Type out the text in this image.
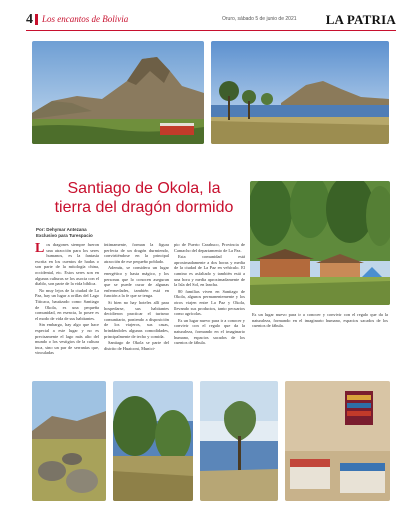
4 Los encantos de Bolivia	Oruro, sábado 5 de junio de 2021 LA PATRIA
Santiago de Okola, la
tierra del dragón dormido
Por: Dehymar Antezana
Exclusivo para Turespacio

Los dragones siempre fueron una atracción para los seres humanos, es la fantasía escrita en los cuentos de hadas o son parte de la mitología china, occidental, etc. Estos seres son en algunas culturas se los asocia con el diablo, son parte de la vida bíblica.

No muy lejos de la ciudad de La Paz, hay un lugar a orillas del Lago Titicaca, bautizado como Santiago de Okola, es una pequeña comunidad, en esencia, lo posee es el modo de vida de sus habitantes.

Sin embargo, hay algo que hace especial a este lugar y no es precisamente el lago más alto del mundo o los vestigios de la cultura inca, sino un par de serranías que, vinculadas

íntimamente, forman la figura perfecta de un dragón durmiendo, convirtiéndose en la principal atracción de ese pequeño poblado.

Además, se considera un lugar energético y hasta mágico, y los personas que lo conocen aseguran que se puede curar de algunas enfermedades, también está en función a la fe que se tenga.

Si bien no hay hoteles allí para hospedarse, sus habitantes decidieron practicar el turismo comunitario, poniendo a disposición de los viajeros, sus casas, brindándoles algunas comodidades, principalmente de techo y comida.

Santiago de Okola se parte del distrito de Huaiconi, Munici-

pio de Puerto Carabuco, Provincia de Camacho del departamento de La Paz.

Esta comunidad está aproximadamente a dos horas y media de la ciudad de La Paz en vehículo. El camino es asfaltado y también está a una hora y media aproximadamente de la Isla del Sol, en lancha.

80 familias viven en Santiago de Okola, algunos permanentemente y los otros viajen entre La Paz y Okola, llevando sus productos, tanto pecuarios como agrícolas.

Es un lugar nuevo para ir a conocer y convivir con el regalo que da la naturaleza, formando en el imaginario humano, espacios sacados de los cuentos de fábula.

Es un lugar nuevo para ir a conocer y convivir con el regalo que da la naturaleza, formando en el imaginario humano, espacios sacados de los cuentos de fábula.
